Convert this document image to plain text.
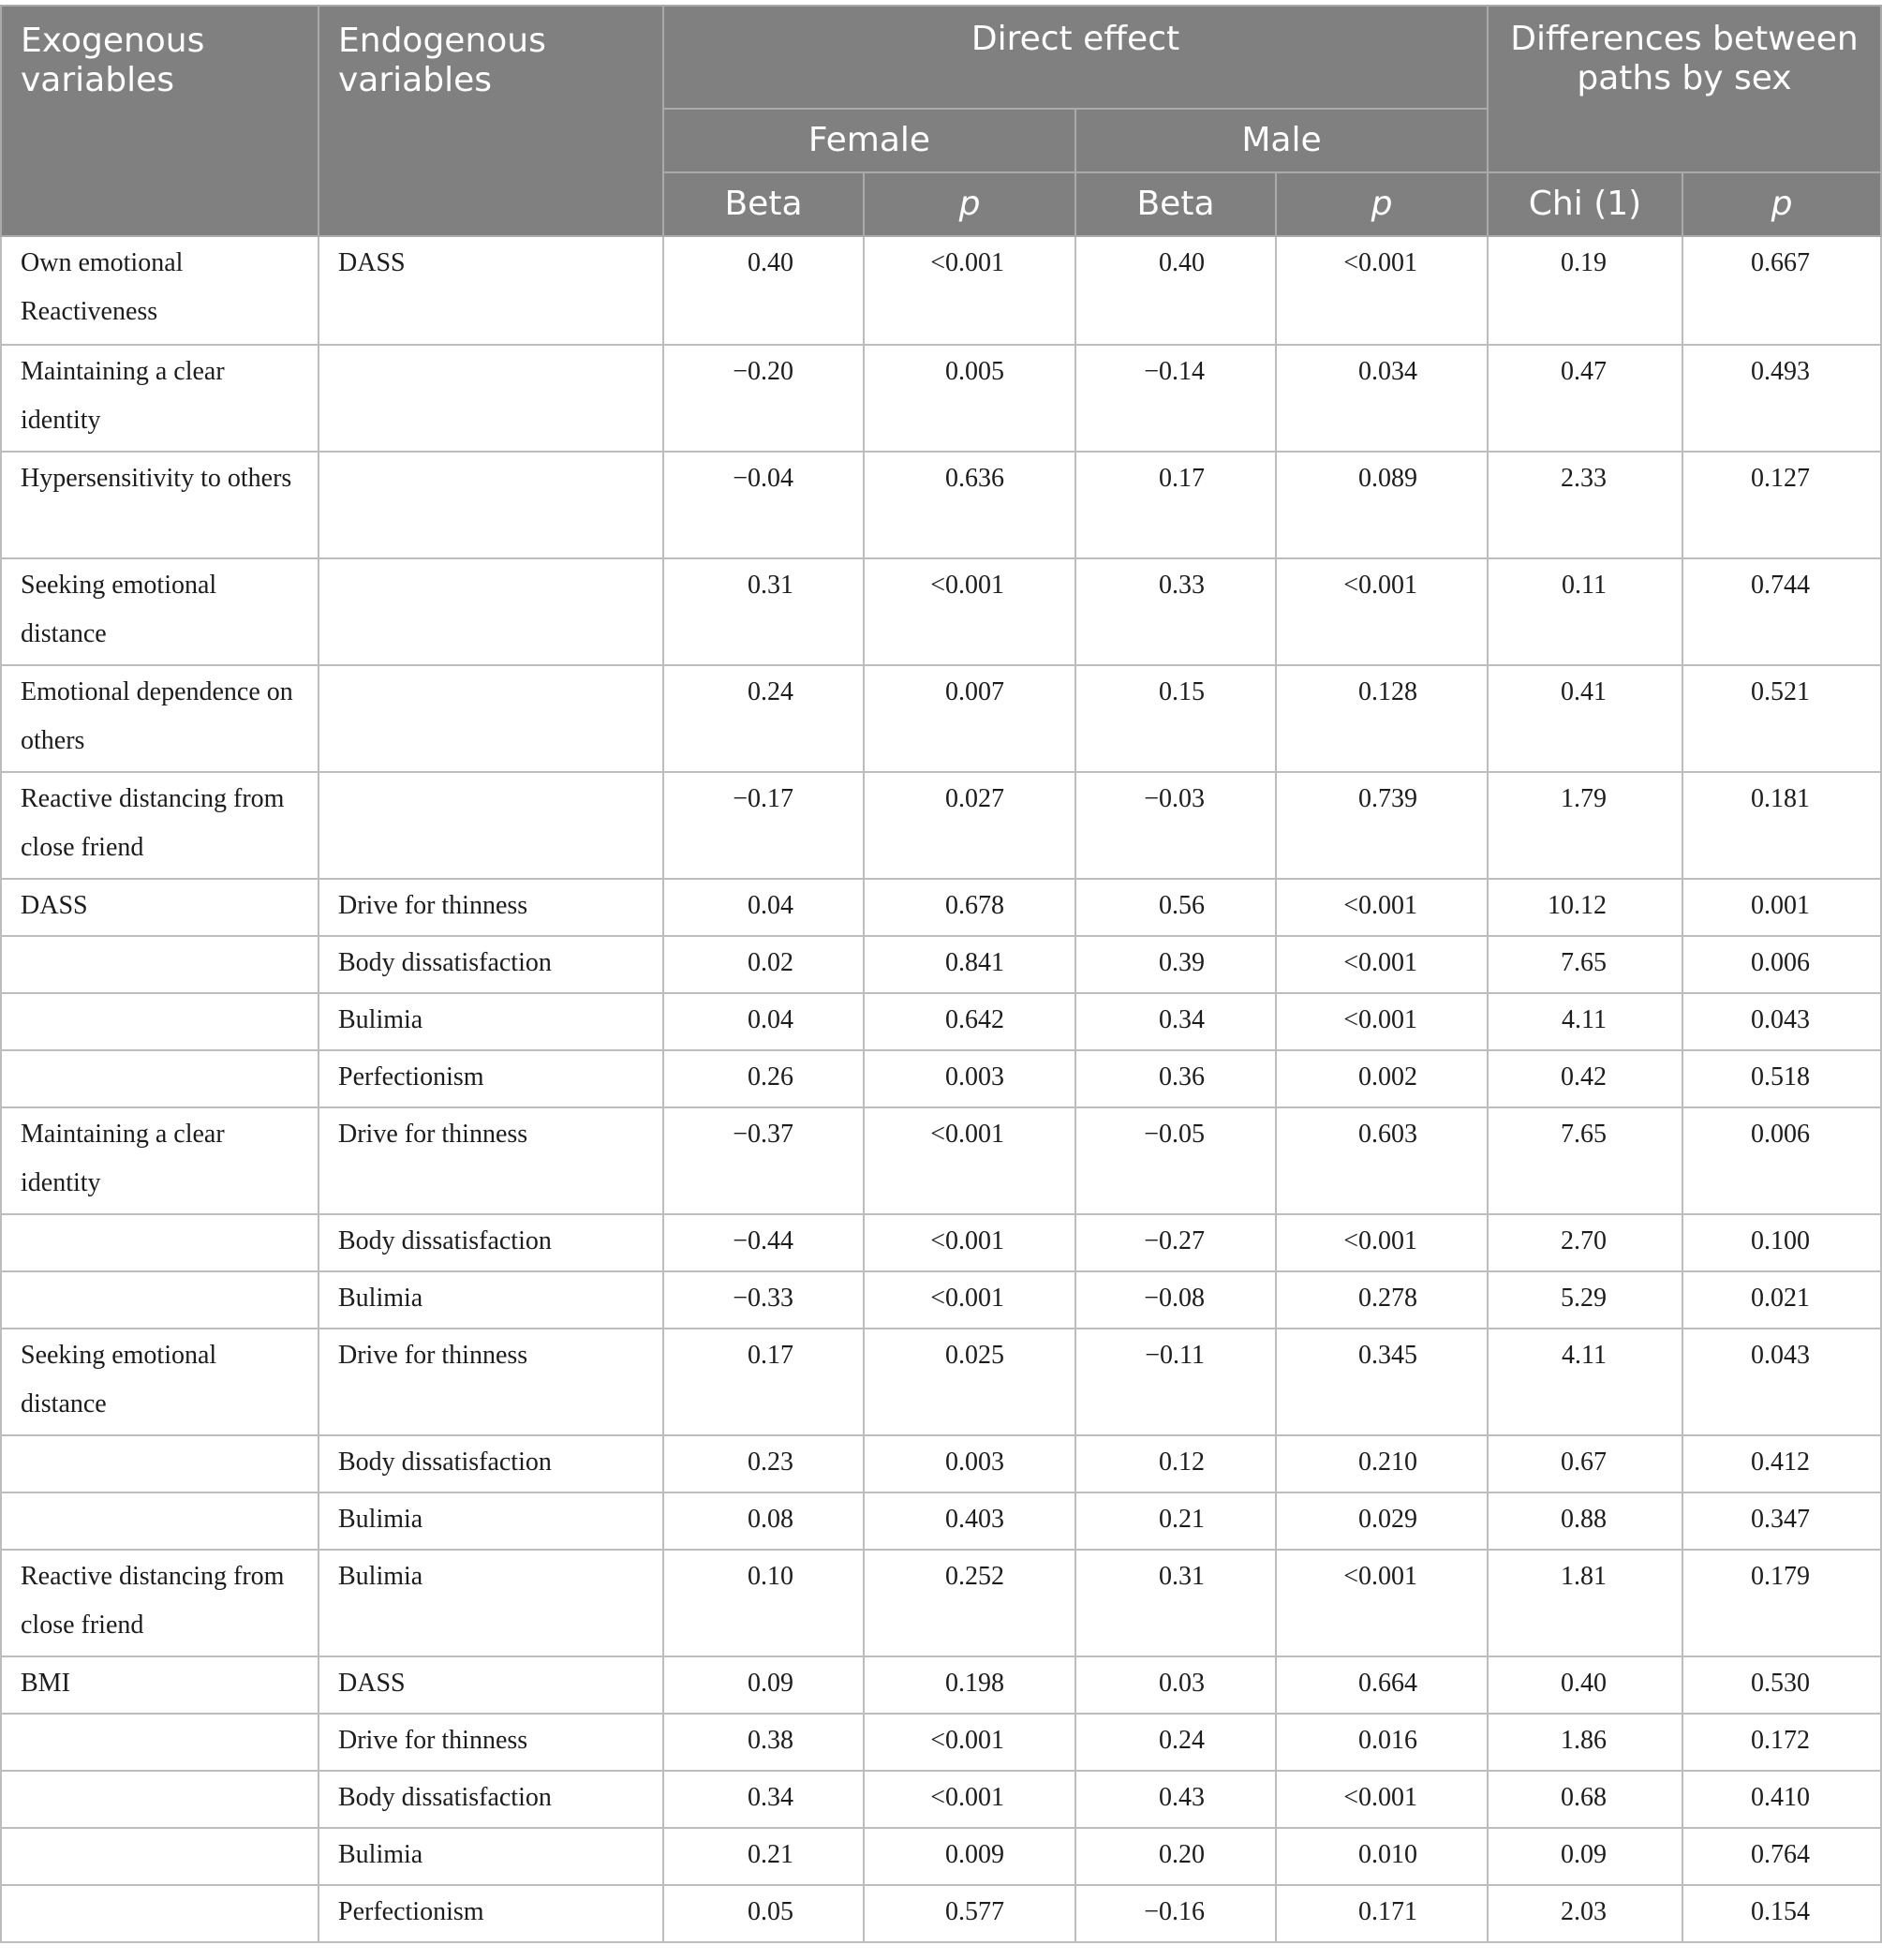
Exogenous variables	Endogenous variables	Direct effect				Differences between paths by sex	
		Female		Male			
		Beta	p	Beta	p	Chi (1)	p
Own emotional Reactiveness	DASS	0.40	<0.001	0.40	<0.001	0.19	0.667
Maintaining a clear identity		−0.20	0.005	−0.14	0.034	0.47	0.493
Hypersensitivity to others		−0.04	0.636	0.17	0.089	2.33	0.127
Seeking emotional distance		0.31	<0.001	0.33	<0.001	0.11	0.744
Emotional dependence on others		0.24	0.007	0.15	0.128	0.41	0.521
Reactive distancing from close friend		−0.17	0.027	−0.03	0.739	1.79	0.181
DASS	Drive for thinness	0.04	0.678	0.56	<0.001	10.12	0.001
	Body dissatisfaction	0.02	0.841	0.39	<0.001	7.65	0.006
	Bulimia	0.04	0.642	0.34	<0.001	4.11	0.043
	Perfectionism	0.26	0.003	0.36	0.002	0.42	0.518
Maintaining a clear identity	Drive for thinness	−0.37	<0.001	−0.05	0.603	7.65	0.006
	Body dissatisfaction	−0.44	<0.001	−0.27	<0.001	2.70	0.100
	Bulimia	−0.33	<0.001	−0.08	0.278	5.29	0.021
Seeking emotional distance	Drive for thinness	0.17	0.025	−0.11	0.345	4.11	0.043
	Body dissatisfaction	0.23	0.003	0.12	0.210	0.67	0.412
	Bulimia	0.08	0.403	0.21	0.029	0.88	0.347
Reactive distancing from close friend	Bulimia	0.10	0.252	0.31	<0.001	1.81	0.179
BMI	DASS	0.09	0.198	0.03	0.664	0.40	0.530
	Drive for thinness	0.38	<0.001	0.24	0.016	1.86	0.172
	Body dissatisfaction	0.34	<0.001	0.43	<0.001	0.68	0.410
	Bulimia	0.21	0.009	0.20	0.010	0.09	0.764
	Perfectionism	0.05	0.577	−0.16	0.171	2.03	0.154
